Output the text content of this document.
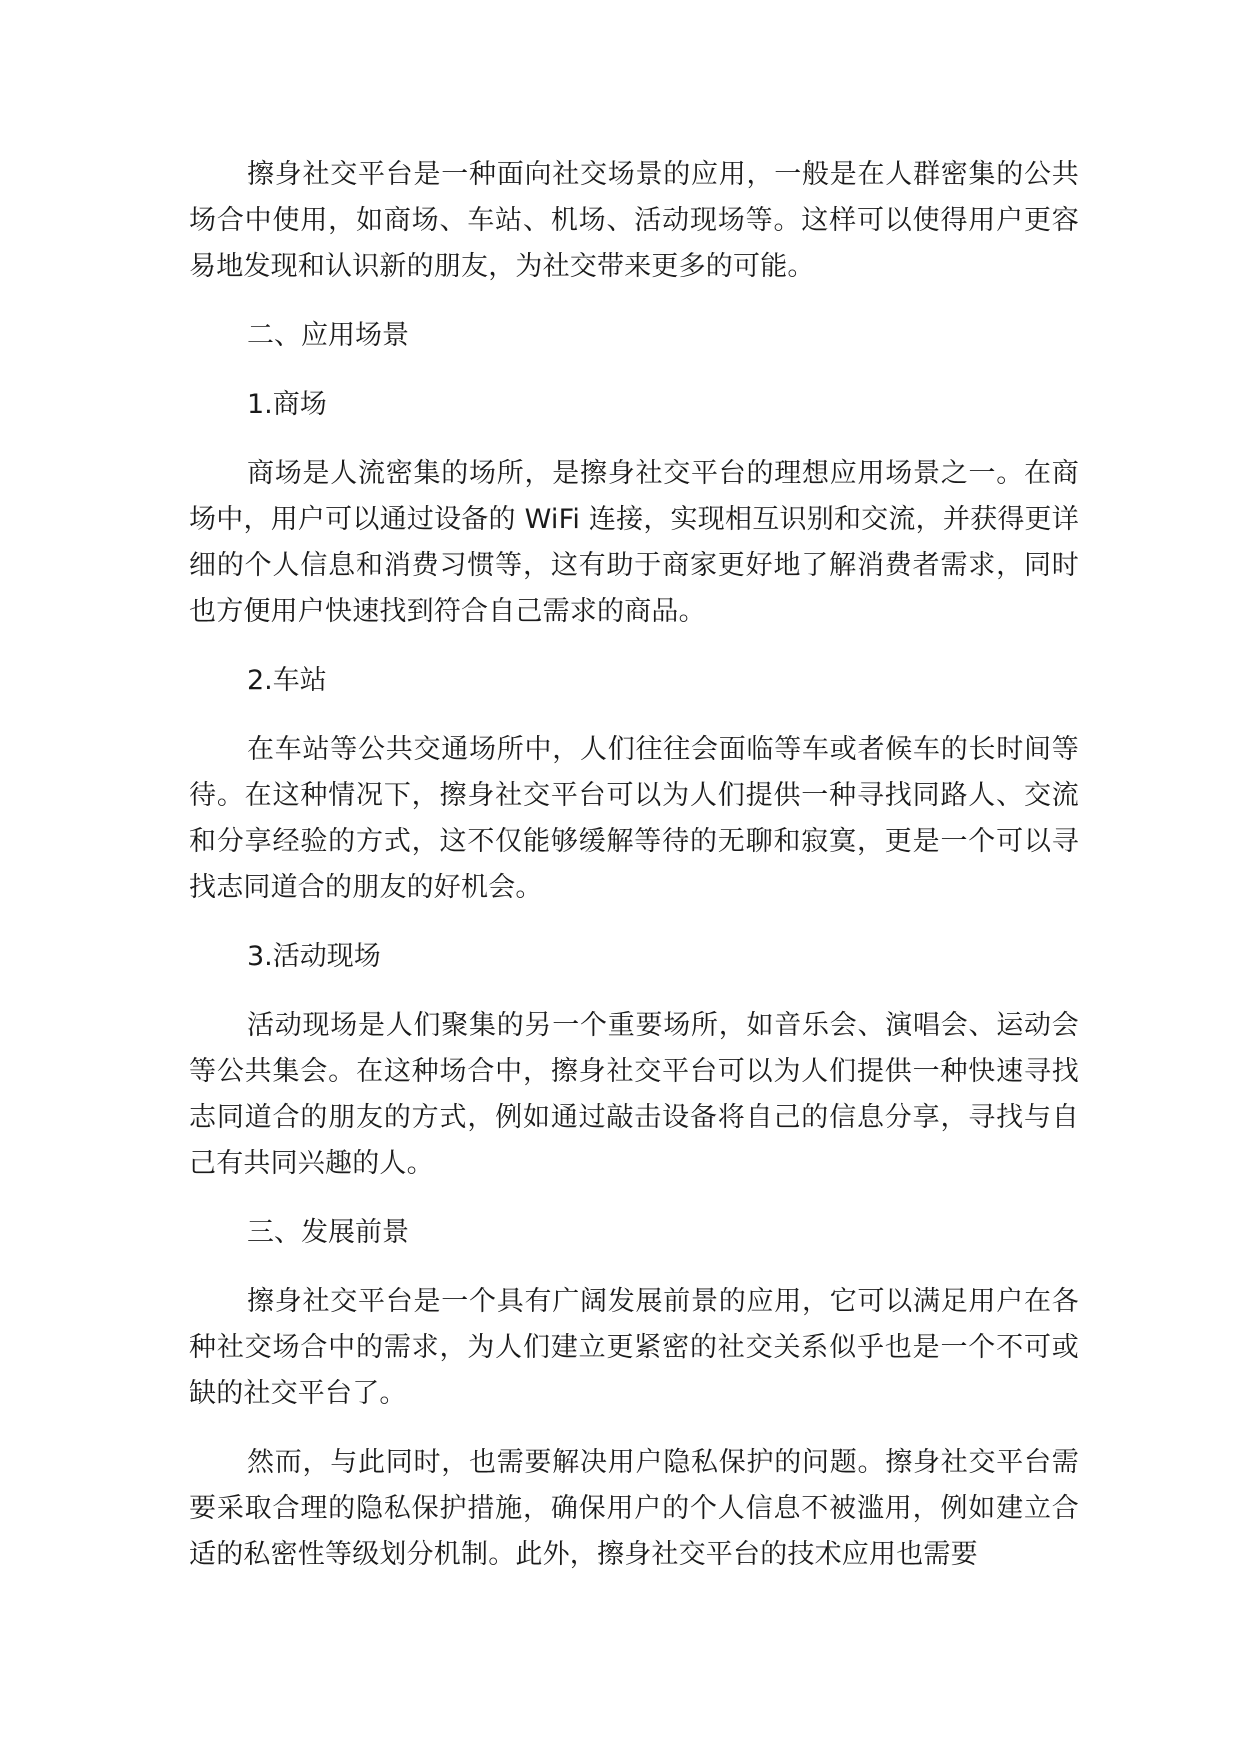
擦身社交平台是一种面向社交场景的应用，一般是在人群密集的公共场合中使用，如商场、车站、机场、活动现场等。这样可以使得用户更容易地发现和认识新的朋友，为社交带来更多的可能。

二、应用场景

1.商场

商场是人流密集的场所，是擦身社交平台的理想应用场景之一。在商场中，用户可以通过设备的 WiFi 连接，实现相互识别和交流，并获得更详细的个人信息和消费习惯等，这有助于商家更好地了解消费者需求，同时也方便用户快速找到符合自己需求的商品。

2.车站

在车站等公共交通场所中，人们往往会面临等车或者候车的长时间等待。在这种情况下，擦身社交平台可以为人们提供一种寻找同路人、交流和分享经验的方式，这不仅能够缓解等待的无聊和寂寞，更是一个可以寻找志同道合的朋友的好机会。

3.活动现场

活动现场是人们聚集的另一个重要场所，如音乐会、演唱会、运动会等公共集会。在这种场合中，擦身社交平台可以为人们提供一种快速寻找志同道合的朋友的方式，例如通过敲击设备将自己的信息分享，寻找与自己有共同兴趣的人。

三、发展前景

擦身社交平台是一个具有广阔发展前景的应用，它可以满足用户在各种社交场合中的需求，为人们建立更紧密的社交关系似乎也是一个不可或缺的社交平台了。

然而，与此同时，也需要解决用户隐私保护的问题。擦身社交平台需要采取合理的隐私保护措施，确保用户的个人信息不被滥用，例如建立合适的私密性等级划分机制。此外，擦身社交平台的技术应用也需要
